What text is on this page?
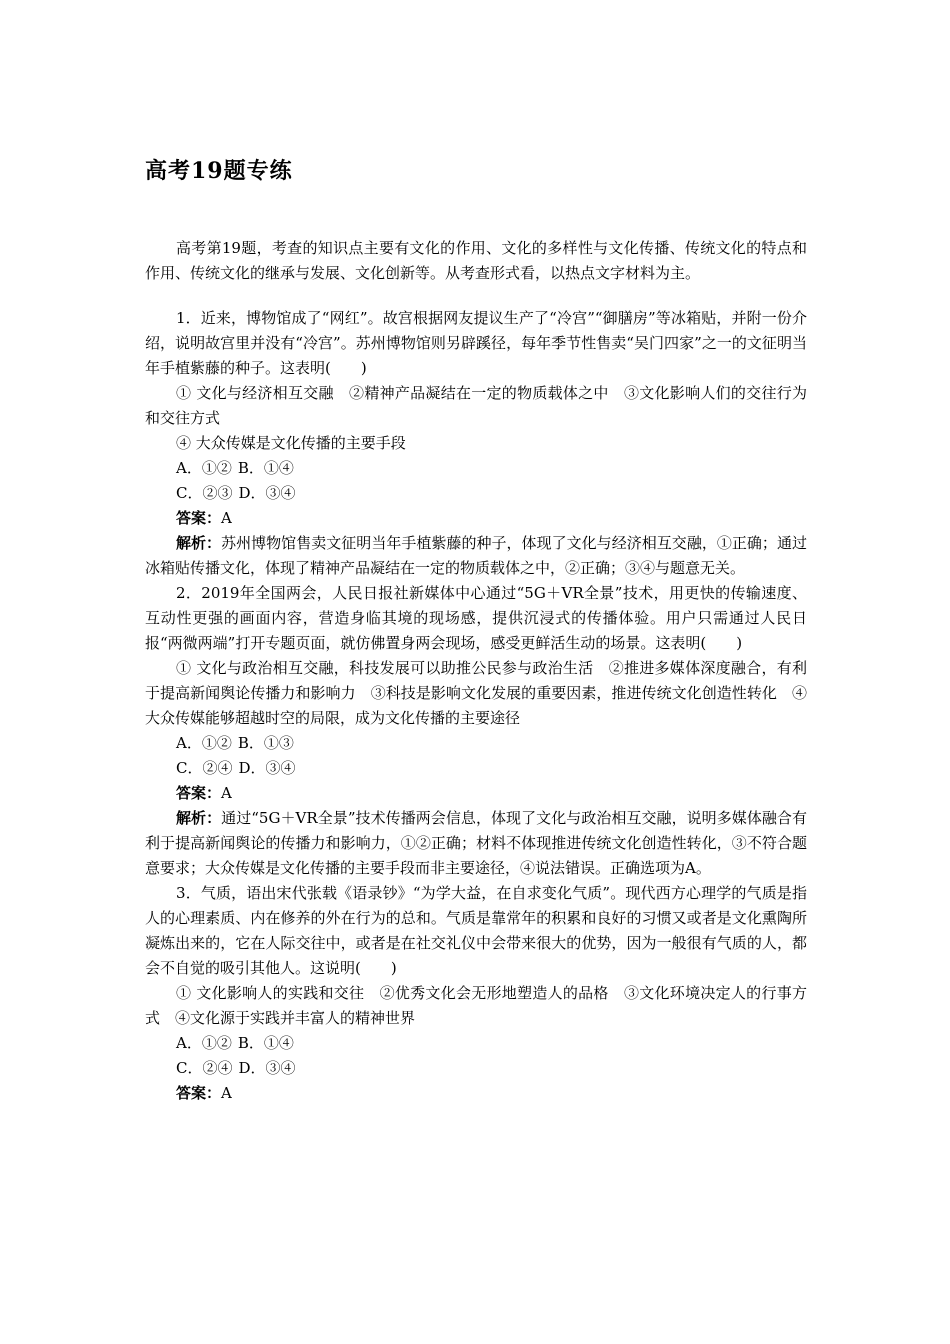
高考19题专练

高考第19题，考查的知识点主要有文化的作用、文化的多样性与文化传播、传统文化的特点和作用、传统文化的继承与发展、文化创新等。从考查形式看，以热点文字材料为主。

1．近来，博物馆成了“网红”。故宫根据网友提议生产了“冷宫”“御膳房”等冰箱贴，并附一份介绍，说明故宫里并没有“冷宫”。苏州博物馆则另辟蹊径，每年季节性售卖“吴门四家”之一的文征明当年手植紫藤的种子。这表明(　　)

① 文化与经济相互交融　②精神产品凝结在一定的物质载体之中　③文化影响人们的交往行为和交往方式

④ 大众传媒是文化传播的主要手段

A．①② B．①④

C．②③ D．③④

答案：A

解析：苏州博物馆售卖文征明当年手植紫藤的种子，体现了文化与经济相互交融，①正确；通过冰箱贴传播文化，体现了精神产品凝结在一定的物质载体之中，②正确；③④与题意无关。

2．2019年全国两会，人民日报社新媒体中心通过“5G＋VR全景”技术，用更快的传输速度、互动性更强的画面内容，营造身临其境的现场感，提供沉浸式的传播体验。用户只需通过人民日报“两微两端”打开专题页面，就仿佛置身两会现场，感受更鲜活生动的场景。这表明(　　)

① 文化与政治相互交融，科技发展可以助推公民参与政治生活　②推进多媒体深度融合，有利于提高新闻舆论传播力和影响力　③科技是影响文化发展的重要因素，推进传统文化创造性转化　④大众传媒能够超越时空的局限，成为文化传播的主要途径

A．①② B．①③

C．②④ D．③④

答案：A

解析：通过“5G＋VR全景”技术传播两会信息，体现了文化与政治相互交融，说明多媒体融合有利于提高新闻舆论的传播力和影响力，①②正确；材料不体现推进传统文化创造性转化，③不符合题意要求；大众传媒是文化传播的主要手段而非主要途径，④说法错误。正确选项为A。

3．气质，语出宋代张载《语录钞》“为学大益，在自求变化气质”。现代西方心理学的气质是指人的心理素质、内在修养的外在行为的总和。气质是靠常年的积累和良好的习惯又或者是文化熏陶所凝炼出来的，它在人际交往中，或者是在社交礼仪中会带来很大的优势，因为一般很有气质的人，都会不自觉的吸引其他人。这说明(　　)

① 文化影响人的实践和交往　②优秀文化会无形地塑造人的品格　③文化环境决定人的行事方式　④文化源于实践并丰富人的精神世界

A．①② B．①④

C．②④ D．③④

答案：A
